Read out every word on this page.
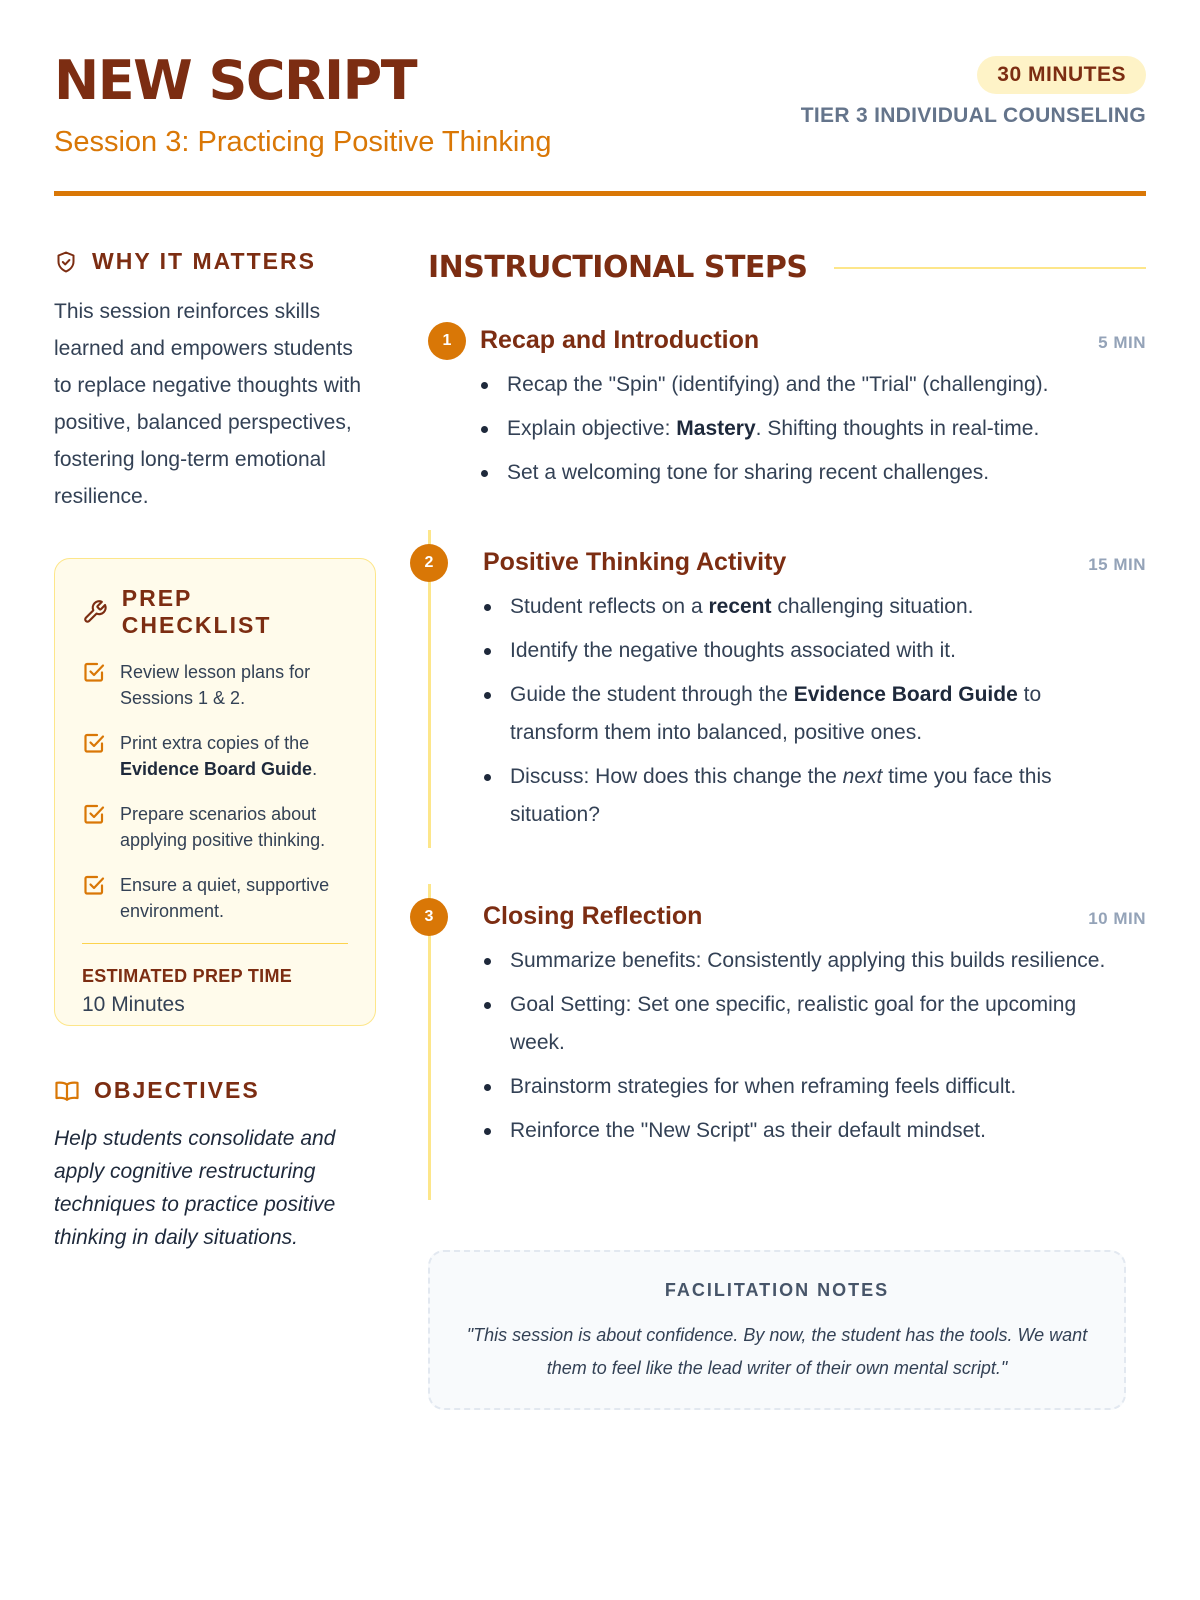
NEW SCRIPT
Session 3: Practicing Positive Thinking
30 MINUTES
TIER 3 INDIVIDUAL COUNSELING
WHY IT MATTERS
This session reinforces skills learned and empowers students to replace negative thoughts with positive, balanced perspectives, fostering long-term emotional resilience.
PREP CHECKLIST
Review lesson plans for Sessions 1 & 2.
Print extra copies of the Evidence Board Guide.
Prepare scenarios about applying positive thinking.
Ensure a quiet, supportive environment.
ESTIMATED PREP TIME
10 Minutes
OBJECTIVES
Help students consolidate and apply cognitive restructuring techniques to practice positive thinking in daily situations.
INSTRUCTIONAL STEPS
1	Recap and Introduction	5 MIN
Recap the "Spin" (identifying) and the "Trial" (challenging).
Explain objective: Mastery. Shifting thoughts in real-time.
Set a welcoming tone for sharing recent challenges.
2	Positive Thinking Activity	15 MIN
Student reflects on a recent challenging situation.
Identify the negative thoughts associated with it.
Guide the student through the Evidence Board Guide to transform them into balanced, positive ones.
Discuss: How does this change the next time you face this situation?
3	Closing Reflection	10 MIN
Summarize benefits: Consistently applying this builds resilience.
Goal Setting: Set one specific, realistic goal for the upcoming week.
Brainstorm strategies for when reframing feels difficult.
Reinforce the "New Script" as their default mindset.
FACILITATION NOTES
"This session is about confidence. By now, the student has the tools. We want them to feel like the lead writer of their own mental script."
